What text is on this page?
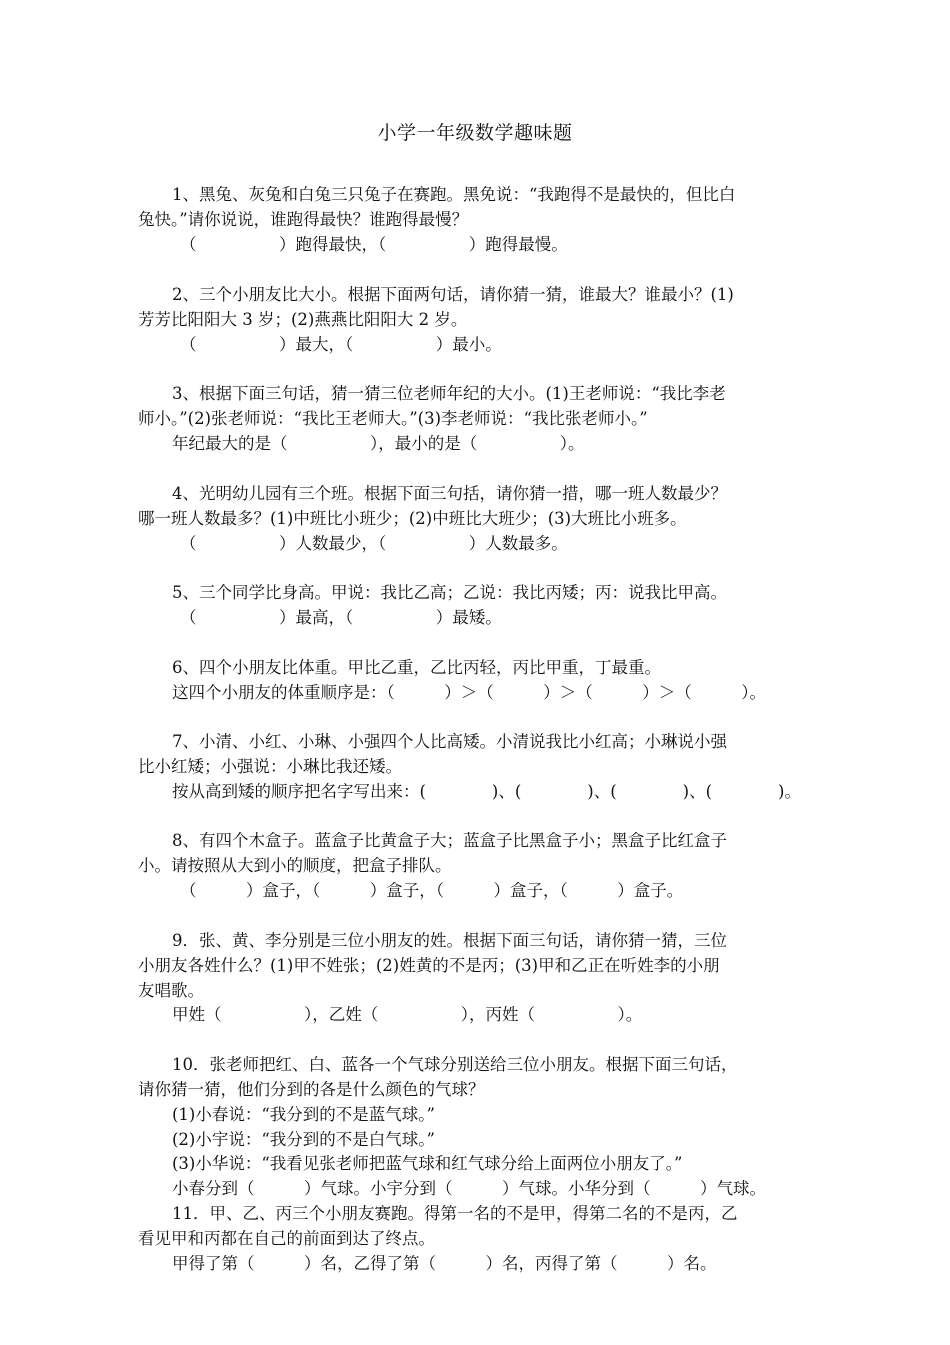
小学一年级数学趣味题
1、黑兔、灰兔和白兔三只兔子在赛跑。黑免说：“我跑得不是最快的，但比白
兔快。”请你说说，谁跑得最快？谁跑得最慢？
（　　　　　）跑得最快，（　　　　　）跑得最慢。
2、三个小朋友比大小。根据下面两句话，请你猜一猜，谁最大？谁最小？(1)
芳芳比阳阳大 3 岁；(2)燕燕比阳阳大 2 岁。
（　　　　　）最大，（　　　　　）最小。
3、根据下面三句话，猜一猜三位老师年纪的大小。(1)王老师说：“我比李老
师小。”(2)张老师说：“我比王老师大。”(3)李老师说：“我比张老师小。”
年纪最大的是（　　　　　），最小的是（　　　　　）。
4、光明幼儿园有三个班。根据下面三句括，请你猜一措，哪一班人数最少？
哪一班人数最多？(1)中班比小班少；(2)中班比大班少；(3)大班比小班多。
（　　　　　）人数最少，（　　　　　）人数最多。
5、三个同学比身高。甲说：我比乙高；乙说：我比丙矮；丙：说我比甲高。
（　　　　　）最高，（　　　　　）最矮。
6、四个小朋友比体重。甲比乙重，乙比丙轻，丙比甲重，丁最重。
这四个小朋友的体重顺序是：（　　　）＞（　　　）＞（　　　）＞（　　　）。
7、小清、小红、小琳、小强四个人比高矮。小清说我比小红高；小琳说小强
比小红矮；小强说：小琳比我还矮。
按从高到矮的顺序把名字写出来：(　　　　)、(　　　　)、(　　　　)、(　　　　)。
8、有四个木盒子。蓝盒子比黄盒子大；蓝盒子比黑盒子小；黑盒子比红盒子
小。请按照从大到小的顺度，把盒子排队。
（　　　）盒子，（　　　）盒子，（　　　）盒子，（　　　）盒子。
9．张、黄、李分别是三位小朋友的姓。根据下面三句话，请你猜一猜，三位
小朋友各姓什么？(1)甲不姓张；(2)姓黄的不是丙；(3)甲和乙正在听姓李的小朋
友唱歌。
甲姓（　　　　　），乙姓（　　　　　），丙姓（　　　　　）。
10．张老师把红、白、蓝各一个气球分别送给三位小朋友。根据下面三句话，
请你猜一猜，他们分到的各是什么颜色的气球？
(1)小春说：“我分到的不是蓝气球。”
(2)小宇说：“我分到的不是白气球。”
(3)小华说：“我看见张老师把蓝气球和红气球分给上面两位小朋友了。”
小春分到（　　　）气球。小宇分到（　　　）气球。小华分到（　　　）气球。
11．甲、乙、丙三个小朋友赛跑。得第一名的不是甲，得第二名的不是丙，乙
看见甲和丙都在自己的前面到达了终点。
甲得了第（　　　）名，乙得了第（　　　）名，丙得了第（　　　）名。
